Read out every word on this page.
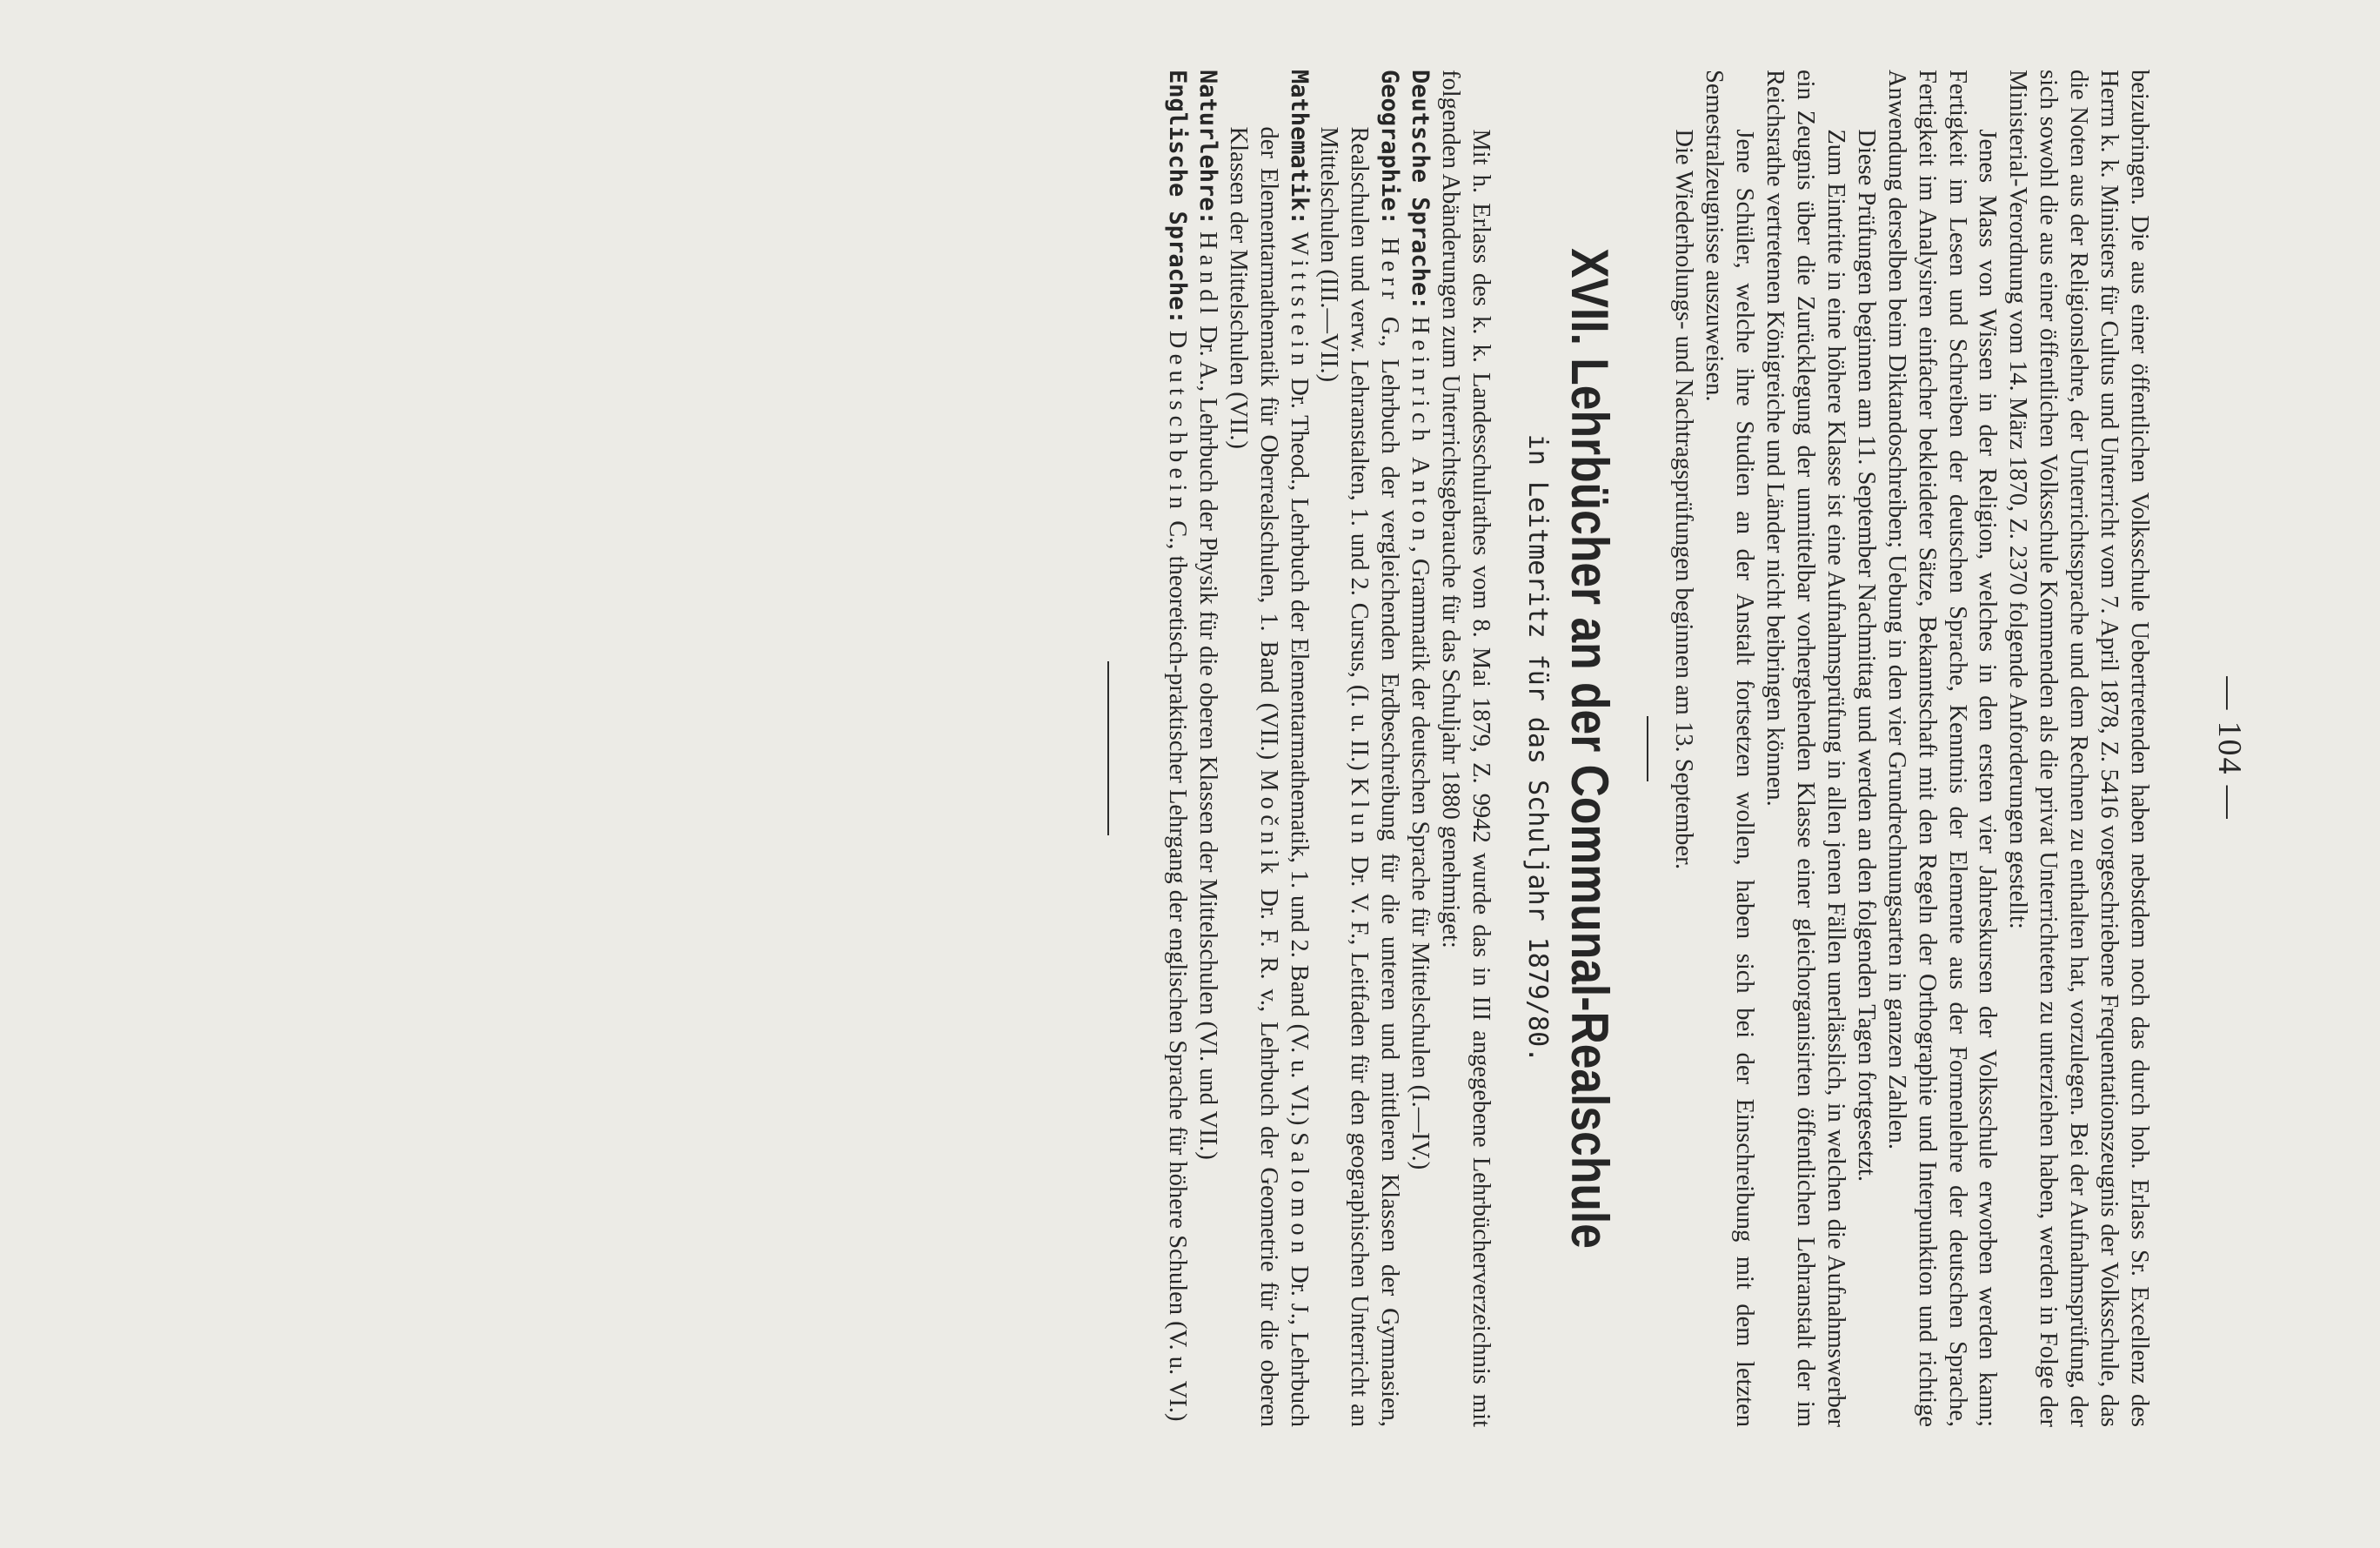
— 104 —

beizubringen. Die aus einer öffentlichen Volksschule Uebertretenden haben nebstdem noch das durch hoh. Erlass Sr. Excellenz des Herrn k. k. Ministers für Cultus und Unterricht vom 7. April 1878, Z. 5416 vorgeschriebene Frequentationszeugnis der Volksschule, das die Noten aus der Religionslehre, der Unterrichtssprache und dem Rechnen zu enthalten hat, vorzulegen. Bei der Aufnahmsprüfung, der sich sowohl die aus einer öffentlichen Volksschule Kommenden als die privat Unterrichteten zu unterziehen haben, werden in Folge der Ministerial-Verordnung vom 14. März 1870, Z. 2370 folgende Anforderungen gestellt:

Jenes Mass von Wissen in der Religion, welches in den ersten vier Jahreskursen der Volksschule erworben werden kann; Fertigkeit im Lesen und Schreiben der deutschen Sprache, Kenntnis der Elemente aus der Formenlehre der deutschen Sprache, Fertigkeit im Analysiren einfacher bekleideter Sätze, Bekanntschaft mit den Regeln der Orthographie und Interpunktion und richtige Anwendung derselben beim Diktandoschreiben; Uebung in den vier Grundrechnungsarten in ganzen Zahlen.

Diese Prüfungen beginnen am 11. September Nachmittag und werden an den folgenden Tagen fortgesetzt.

Zum Eintritte in eine höhere Klasse ist eine Aufnahmsprüfung in allen jenen Fällen unerlässlich, in welchen die Aufnahmswerber ein Zeugnis über die Zurücklegung der unmittelbar vorhergehenden Klasse einer gleichorganisirten öffentlichen Lehranstalt der im Reichsrathe vertretenen Königreiche und Länder nicht beibringen können.

Jene Schüler, welche ihre Studien an der Anstalt fortsetzen wollen, haben sich bei der Einschreibung mit dem letzten Semestralzeugnisse auszuweisen.

Die Wiederholungs- und Nachtragsprüfungen beginnen am 13. September.

XVII. Lehrbücher an der Communal-Realschule
in Leitmeritz für das Schuljahr 1879/80.

Mit h. Erlass des k. k. Landesschulrathes vom 8. Mai 1879, Z. 9942 wurde das in III angegebene Lehrbücherverzeichnis mit folgenden Abänderungen zum Unterrichtsgebrauche für das Schuljahr 1880 genehmiget:

Deutsche Sprache: Heinrich Anton, Grammatik der deutschen Sprache für Mittelschulen (I.—IV.)

Geographie: Herr G., Lehrbuch der vergleichenden Erdbeschreibung für die unteren und mittleren Klassen der Gymnasien, Realschulen und verw. Lehranstalten, 1. und 2. Cursus, (I. u. II.) Klun Dr. V. F., Leitfaden für den geographischen Unterricht an Mittelschulen (III.—VII.)

Mathematik: Wittstein Dr. Theod., Lehrbuch der Elementarmathematik, 1. und 2. Band (V. u. VI.) Salomon Dr. J., Lehrbuch der Elementarmathematik für Oberrealschulen, 1. Band (VII.) Močnik Dr. F. R. v., Lehrbuch der Geometrie für die oberen Klassen der Mittelschulen (VII.)

Naturlehre: Handl Dr. A., Lehrbuch der Physik für die oberen Klassen der Mittelschulen (VI. und VII.)

Englische Sprache: Deutschbein C., theoretisch-praktischer Lehrgang der englischen Sprache für höhere Schulen (V. u. VI.)
